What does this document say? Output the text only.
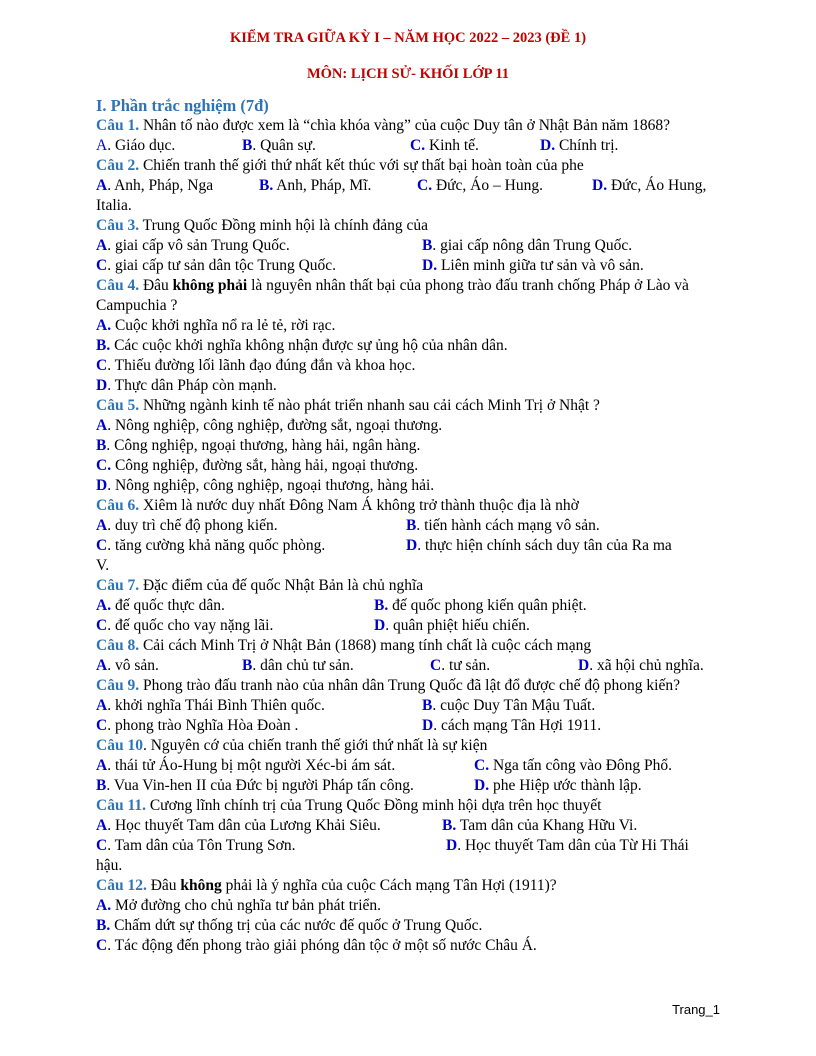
KIỂM TRA GIỮA KỲ I – NĂM HỌC 2022 – 2023 (ĐỀ 1)
MÔN: LỊCH SỬ- KHỐI LỚP 11
I. Phần trắc nghiệm (7đ)
Câu 1. Nhân tố nào được xem là “chìa khóa vàng” của cuộc Duy tân ở Nhật Bản năm 1868?
A. Giáo dục.	B. Quân sự.	C. Kinh tế.	D. Chính trị.
Câu 2. Chiến tranh thế giới thứ nhất kết thúc với sự thất bại hoàn toàn của phe
A. Anh, Pháp, Nga	B. Anh, Pháp, Mĩ.	C. Đức, Áo – Hung.	D. Đức, Áo Hung,
Italia.
Câu 3. Trung Quốc Đồng minh hội là chính đảng của
A. giai cấp vô sản Trung Quốc.	B. giai cấp nông dân Trung Quốc.
C. giai cấp tư sản dân tộc Trung Quốc.	D. Liên minh giữa tư sản và vô sản.
Câu 4. Đâu không phải là nguyên nhân thất bại của phong trào đấu tranh chống Pháp ở Lào và Campuchia ?
A. Cuộc khởi nghĩa nổ ra lẻ tẻ, rời rạc.
B. Các cuộc khởi nghĩa không nhận được sự ủng hộ của nhân dân.
C. Thiếu đường lối lãnh đạo đúng đắn và khoa học.
D. Thực dân Pháp còn mạnh.
Câu 5. Những ngành kinh tế nào phát triển nhanh sau cải cách Minh Trị ở Nhật ?
A. Nông nghiệp, công nghiệp, đường sắt, ngoại thương.
B. Công nghiệp, ngoại thương, hàng hải, ngân hàng.
C. Công nghiệp, đường sắt, hàng hải, ngoại thương.
D. Nông nghiệp, công nghiệp, ngoại thương, hàng hải.
Câu 6. Xiêm là nước duy nhất Đông Nam Á không trở thành thuộc địa là nhờ
A. duy trì chế độ phong kiến.	B. tiến hành cách mạng vô sản.
C. tăng cường khả năng quốc phòng.	D. thực hiện chính sách duy tân của Ra ma
V.
Câu 7. Đặc điểm của đế quốc Nhật Bản là chủ nghĩa
A. đế quốc thực dân.	B. đế quốc phong kiến quân phiệt.
C. đế quốc cho vay nặng lãi.	D. quân phiệt hiếu chiến.
Câu 8. Cải cách Minh Trị ở Nhật Bản (1868) mang tính chất là cuộc cách mạng
A. vô sản.	B. dân chủ tư sản.	C. tư sản.	D. xã hội chủ nghĩa.
Câu 9. Phong trào đấu tranh nào của nhân dân Trung Quốc đã lật đổ được chế độ phong kiến?
A. khởi nghĩa Thái Bình Thiên quốc.	B. cuộc Duy Tân Mậu Tuất.
C. phong trào Nghĩa Hòa Đoàn .	D. cách mạng Tân Hợi 1911.
Câu 10. Nguyên cớ của chiến tranh thế giới thứ nhất là sự kiện
A. thái tử Áo-Hung bị một người Xéc-bi ám sát.	C. Nga tấn công vào Đông Phổ.
B. Vua Vin-hen II của Đức bị người Pháp tấn công.	D. phe Hiệp ước thành lập.
Câu 11. Cương lĩnh chính trị của Trung Quốc Đồng minh hội dựa trên học thuyết
A. Học thuyết Tam dân của Lương Khải Siêu.	B. Tam dân của Khang Hữu Vi.
C. Tam dân của Tôn Trung Sơn.	D. Học thuyết Tam dân của Từ Hi Thái
hậu.
Câu 12. Đâu không phải là ý nghĩa của cuộc Cách mạng Tân Hợi (1911)?
A. Mở đường cho chủ nghĩa tư bản phát triển.
B. Chấm dứt sự thống trị của các nước đế quốc ở Trung Quốc.
C. Tác động đến phong trào giải phóng dân tộc ở một số nước Châu Á.
Trang_1
